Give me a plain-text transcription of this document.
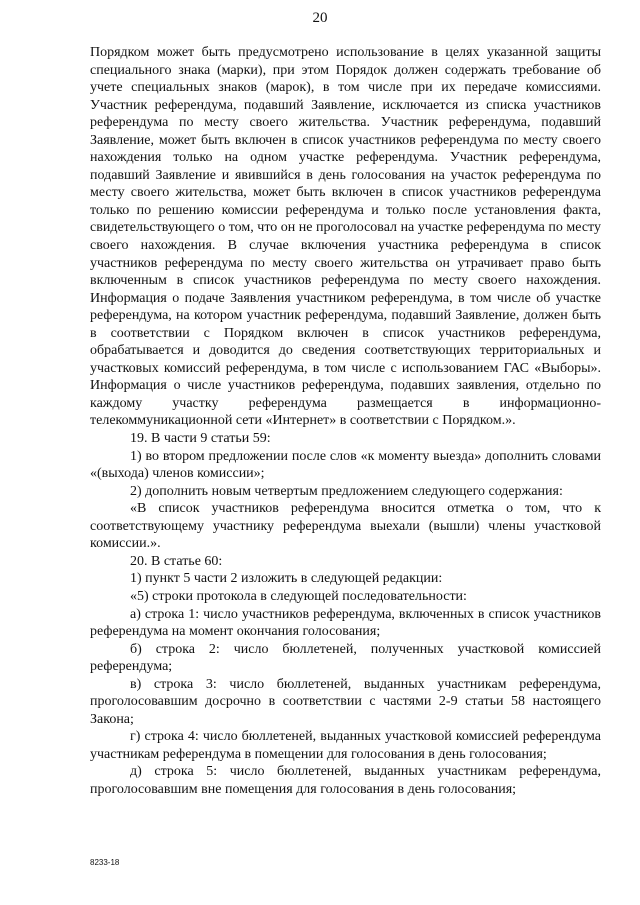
20

Порядком может быть предусмотрено использование в целях указанной защиты специального знака (марки), при этом Порядок должен содержать требование об учете специальных знаков (марок), в том числе при их передаче комиссиями. Участник референдума, подавший Заявление, исключается из списка участников референдума по месту своего жительства. Участник референдума, подавший Заявление, может быть включен в список участников референдума по месту своего нахождения только на одном участке референдума. Участник референдума, подавший Заявление и явившийся в день голосования на участок референдума по месту своего жительства, может быть включен в список участников референдума только по решению комиссии референдума и только после установления факта, свидетельствующего о том, что он не проголосовал на участке референдума по месту своего нахождения. В случае включения участника референдума в список участников референдума по месту своего жительства он утрачивает право быть включенным в список участников референдума по месту своего нахождения. Информация о подаче Заявления участником референдума, в том числе об участке референдума, на котором участник референдума, подавший Заявление, должен быть в соответствии с Порядком включен в список участников референдума, обрабатывается и доводится до сведения соответствующих территориальных и участковых комиссий референдума, в том числе с использованием ГАС «Выборы». Информация о числе участников референдума, подавших заявления, отдельно по каждому участку референдума размещается в информационно-телекоммуникационной сети «Интернет» в соответствии с Порядком.».

19. В части 9 статьи 59:

1) во втором предложении после слов «к моменту выезда» дополнить словами «(выхода) членов комиссии»;

2) дополнить новым четвертым предложением следующего содержания:

«В список участников референдума вносится отметка о том, что к соответствующему участнику референдума выехали (вышли) члены участковой комиссии.».

20. В статье 60:

1) пункт 5 части 2 изложить в следующей редакции:

«5) строки протокола в следующей последовательности:

а) строка 1: число участников референдума, включенных в список участников референдума на момент окончания голосования;

б) строка 2: число бюллетеней, полученных участковой комиссией референдума;

в) строка 3: число бюллетеней, выданных участникам референдума, проголосовавшим досрочно в соответствии с частями 2-9 статьи 58 настоящего Закона;

г) строка 4: число бюллетеней, выданных участковой комиссией референдума участникам референдума в помещении для голосования в день голосования;

д) строка 5: число бюллетеней, выданных участникам референдума, проголосовавшим вне помещения для голосования в день голосования;

8233-18
